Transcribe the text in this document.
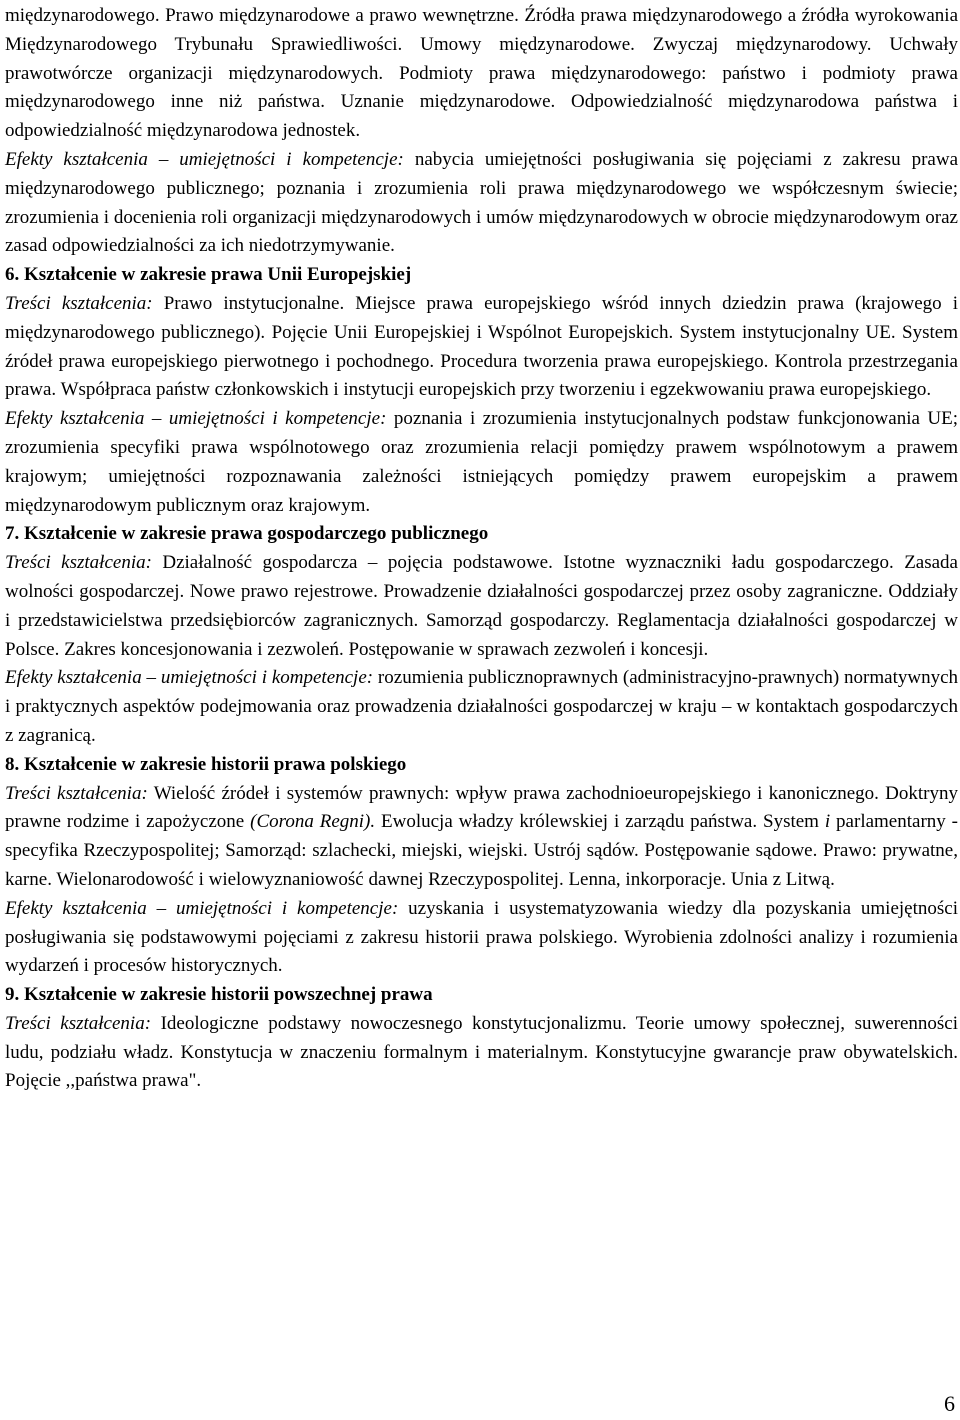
międzynarodowego. Prawo międzynarodowe a prawo wewnętrzne. Źródła prawa międzynarodowego a źródła wyrokowania Międzynarodowego Trybunału Sprawiedliwości. Umowy międzynarodowe. Zwyczaj międzynarodowy. Uchwały prawotwórcze organizacji międzynarodowych. Podmioty prawa międzynarodowego: państwo i podmioty prawa międzynarodowego inne niż państwa. Uznanie międzynarodowe. Odpowiedzialność międzynarodowa państwa i odpowiedzialność międzynarodowa jednostek.

Efekty kształcenia – umiejętności i kompetencje: nabycia umiejętności posługiwania się pojęciami z zakresu prawa międzynarodowego publicznego; poznania i zrozumienia roli prawa międzynarodowego we współczesnym świecie; zrozumienia i docenienia roli organizacji międzynarodowych i umów międzynarodowych w obrocie międzynarodowym oraz zasad odpowiedzialności za ich niedotrzymywanie.

6. Kształcenie w zakresie prawa Unii Europejskiej

Treści kształcenia: Prawo instytucjonalne. Miejsce prawa europejskiego wśród innych dziedzin prawa (krajowego i międzynarodowego publicznego). Pojęcie Unii Europejskiej i Wspólnot Europejskich. System instytucjonalny UE. System źródeł prawa europejskiego pierwotnego i pochodnego. Procedura tworzenia prawa europejskiego. Kontrola przestrzegania prawa. Współpraca państw członkowskich i instytucji europejskich przy tworzeniu i egzekwowaniu prawa europejskiego.

Efekty kształcenia – umiejętności i kompetencje: poznania i zrozumienia instytucjonalnych podstaw funkcjonowania UE; zrozumienia specyfiki prawa wspólnotowego oraz zrozumienia relacji pomiędzy prawem wspólnotowym a prawem krajowym; umiejętności rozpoznawania zależności istniejących pomiędzy prawem europejskim a prawem międzynarodowym publicznym oraz krajowym.

7. Kształcenie w zakresie prawa gospodarczego publicznego

Treści kształcenia: Działalność gospodarcza – pojęcia podstawowe. Istotne wyznaczniki ładu gospodarczego. Zasada wolności gospodarczej. Nowe prawo rejestrowe. Prowadzenie działalności gospodarczej przez osoby zagraniczne. Oddziały i przedstawicielstwa przedsiębiorców zagranicznych. Samorząd gospodarczy. Reglamentacja działalności gospodarczej w Polsce. Zakres koncesjonowania i zezwoleń. Postępowanie w sprawach zezwoleń i koncesji.

Efekty kształcenia – umiejętności i kompetencje: rozumienia publicznoprawnych (administracyjno-prawnych) normatywnych i praktycznych aspektów podejmowania oraz prowadzenia działalności gospodarczej w kraju – w kontaktach gospodarczych z zagranicą.

8. Kształcenie w zakresie historii prawa polskiego

Treści kształcenia: Wielość źródeł i systemów prawnych: wpływ prawa zachodnioeuropejskiego i kanonicznego. Doktryny prawne rodzime i zapożyczone (Corona Regni). Ewolucja władzy królewskiej i zarządu państwa. System i parlamentarny - specyfika Rzeczypospolitej; Samorząd: szlachecki, miejski, wiejski. Ustrój sądów. Postępowanie sądowe. Prawo: prywatne, karne. Wielonarodowość i wielowyznaniowość dawnej Rzeczypospolitej. Lenna, inkorporacje. Unia z Litwą.

Efekty kształcenia – umiejętności i kompetencje: uzyskania i usystematyzowania wiedzy dla pozyskania umiejętności posługiwania się podstawowymi pojęciami z zakresu historii prawa polskiego. Wyrobienia zdolności analizy i rozumienia wydarzeń i procesów historycznych.

9. Kształcenie w zakresie historii powszechnej prawa

Treści kształcenia: Ideologiczne podstawy nowoczesnego konstytucjonalizmu. Teorie umowy społecznej, suwerenności ludu, podziału władz. Konstytucja w znaczeniu formalnym i materialnym. Konstytucyjne gwarancje praw obywatelskich. Pojęcie ,,państwa prawa".

6
